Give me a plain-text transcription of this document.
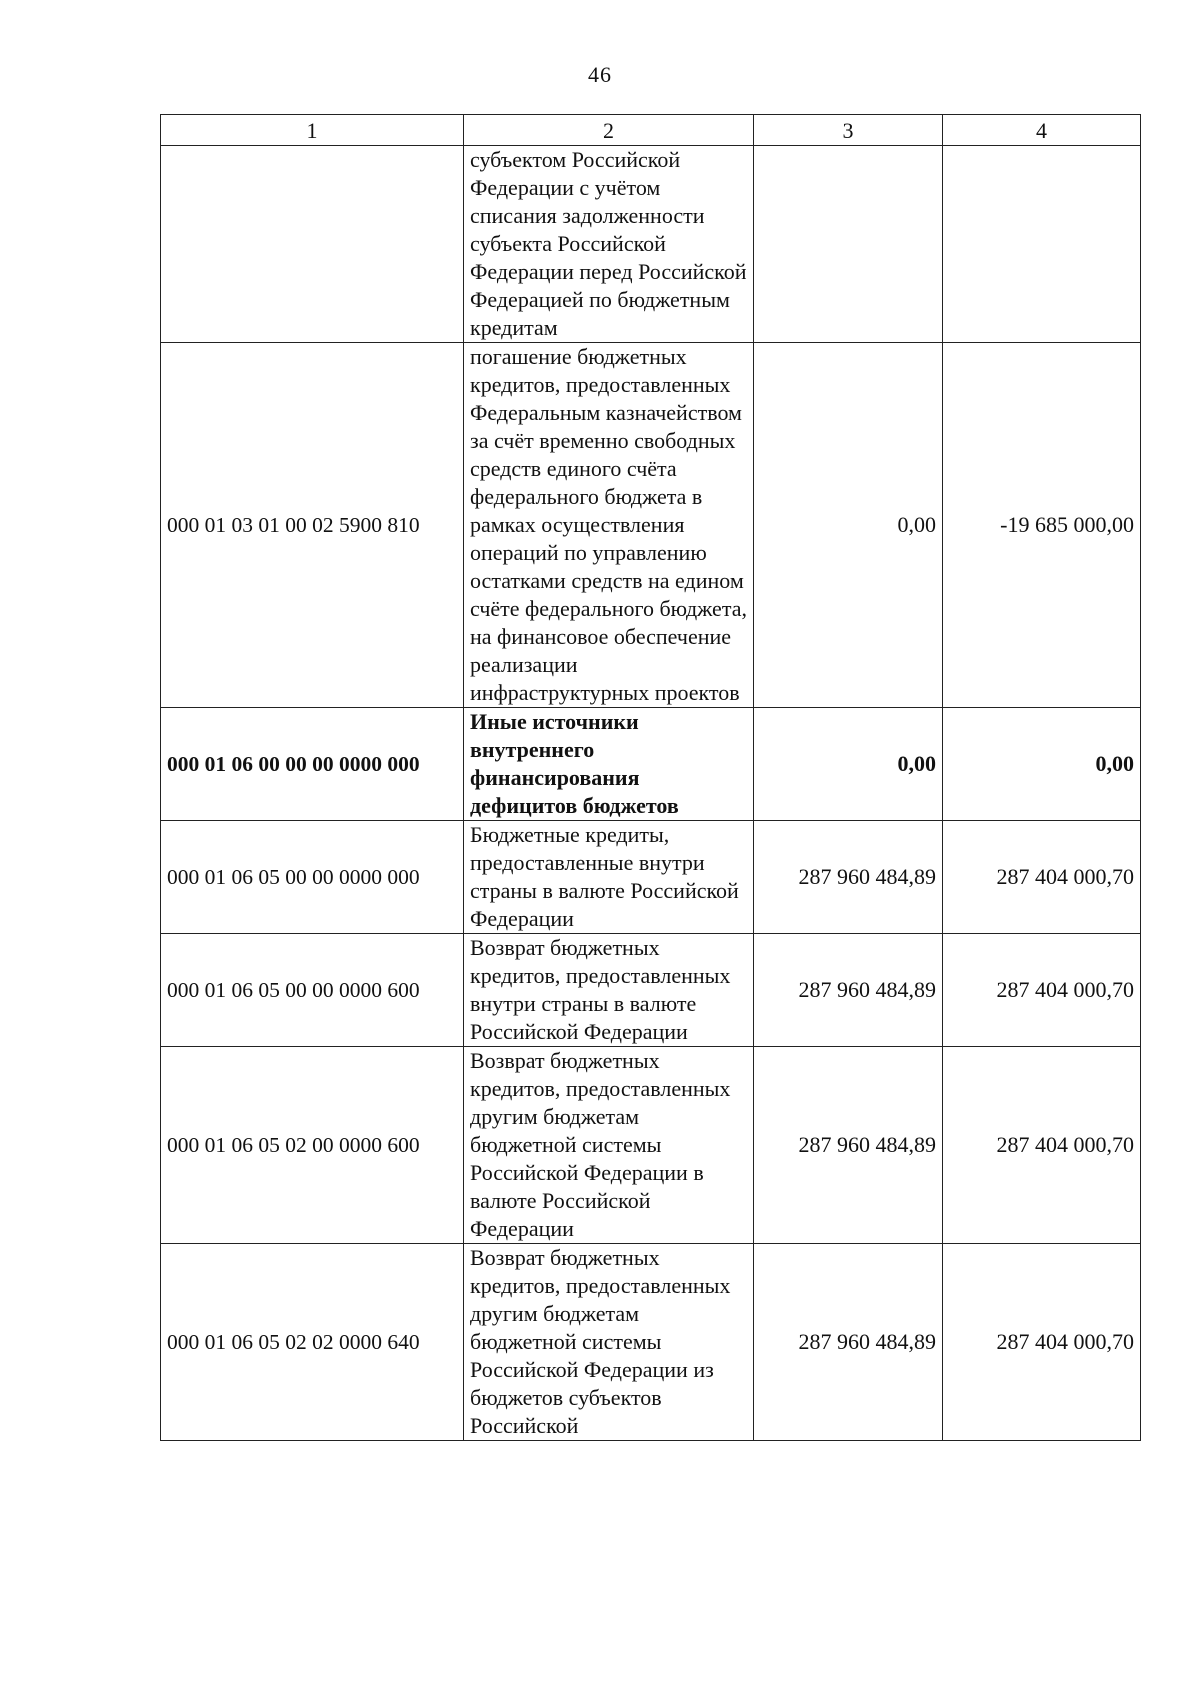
46
1	2	3	4
	субъектом Российской Федерации с учётом списания задолженности субъекта Российской Федерации перед Российской Федерацией по бюджетным кредитам		
000 01 03 01 00 02 5900 810	погашение бюджетных кредитов, предоставленных Федеральным казначейством за счёт временно свободных средств единого счёта федерального бюджета в рамках осуществления операций по управлению остатками средств на едином счёте федерального бюджета, на финансовое обеспечение реализации инфраструктурных проектов	0,00	-19 685 000,00
000 01 06 00 00 00 0000 000	Иные источники внутреннего финансирования дефицитов бюджетов	0,00	0,00
000 01 06 05 00 00 0000 000	Бюджетные кредиты, предоставленные внутри страны в валюте Российской Федерации	287 960 484,89	287 404 000,70
000 01 06 05 00 00 0000 600	Возврат бюджетных кредитов, предоставленных внутри страны в валюте Российской Федерации	287 960 484,89	287 404 000,70
000 01 06 05 02 00 0000 600	Возврат бюджетных кредитов, предоставленных другим бюджетам бюджетной системы Российской Федерации в валюте Российской Федерации	287 960 484,89	287 404 000,70
000 01 06 05 02 02 0000 640	Возврат бюджетных кредитов, предоставленных другим бюджетам бюджетной системы Российской Федерации из бюджетов субъектов Российской	287 960 484,89	287 404 000,70
